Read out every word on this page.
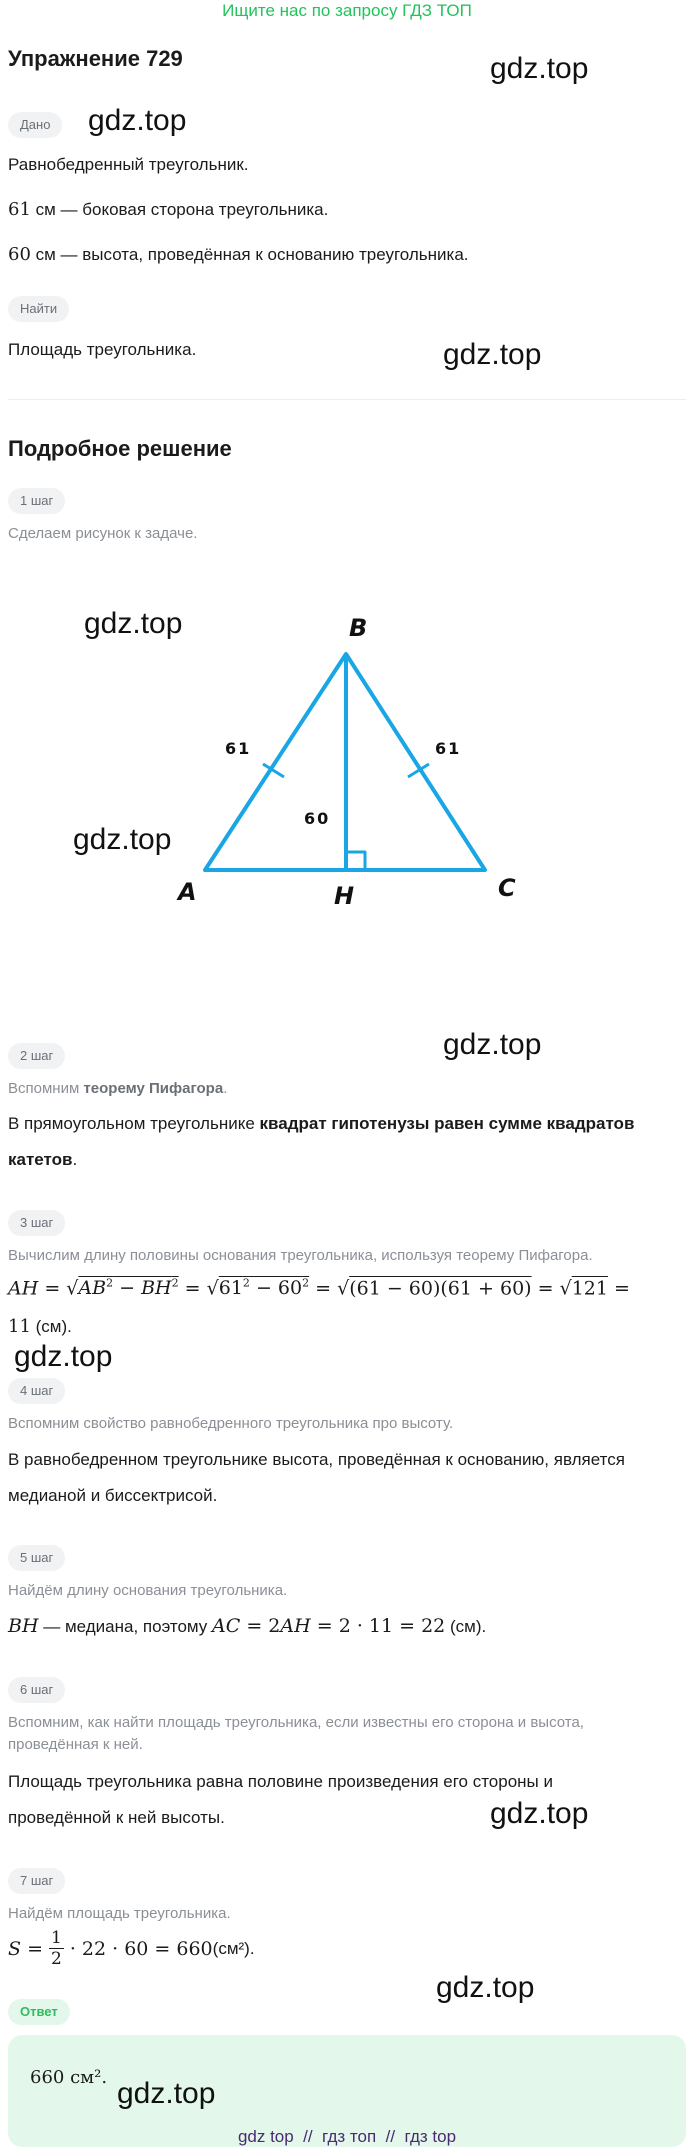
Ищите нас по запросу ГДЗ ТОП
Упражнение 729	gdz.top
Дано	gdz.top
Равнобедренный треугольник.
61 см — боковая сторона треугольника.
60 см — высота, проведённая к основанию треугольника.
Найти
Площадь треугольника.	gdz.top
Подробное решение
1 шаг
Сделаем рисунок к задаче.
gdz.top
gdz.top
B
A	C
H
61	61
60
gdz.top
2 шаг
Вспомним теорему Пифагора.
В прямоугольном треугольнике квадрат гипотенузы равен сумме квадратов
катетов.
3 шаг
Вычислим длину половины основания треугольника, используя теорему Пифагора.
AH = $√AB^2 - BH^2 = √61^2 - 60^2 = √(61 - 60)(61 + 60) = √121$ =
11 (см).
gdz.top
4 шаг
Вспомним свойство равнобедренного треугольника про высоту.
В равнобедренном треугольнике высота, проведённая к основанию, является
медианой и биссектрисой.
5 шаг
Найдём длину основания треугольника.
BH — медиана, поэтому AC = 2AH = 2 · 11 = 22 (см).
6 шаг
Вспомним, как найти площадь треугольника, если известны его сторона и высота,
проведённая к ней.
Площадь треугольника равна половине произведения его стороны и
проведённой к ней высоты.	gdz.top
7 шаг
Найдём площадь треугольника.
$S = \frac{1}{2} \cdot 22 \cdot 60 = 660$ (см²).
gdz.top
Ответ
660 см². gdz.top
gdz top  //  гдз топ  //  гдз top
